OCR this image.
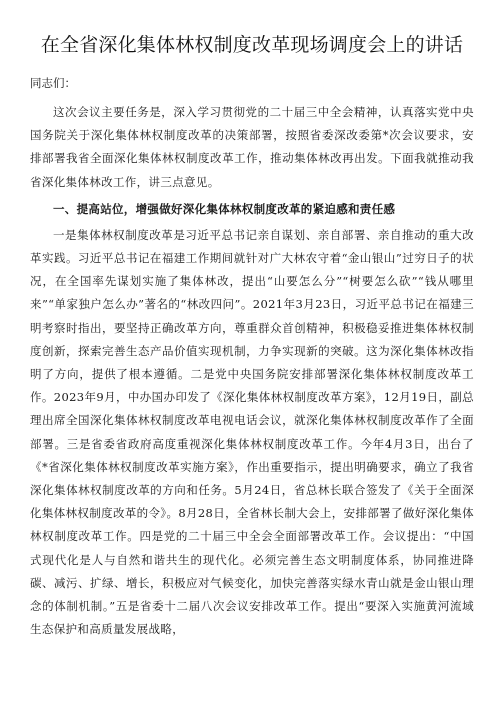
在全省深化集体林权制度改革现场调度会上的讲话

同志们：

这次会议主要任务是，深入学习贯彻党的二十届三中全会精神，认真落实党中央国务院关于深化集体林权制度改革的决策部署，按照省委深改委第*次会议要求，安排部署我省全面深化集体林权制度改革工作，推动集体林改再出发。下面我就推动我省深化集体林改工作，讲三点意见。

一、提高站位，增强做好深化集体林权制度改革的紧迫感和责任感

一是集体林权制度改革是习近平总书记亲自谋划、亲自部署、亲自推动的重大改革实践。习近平总书记在福建工作期间就针对广大林农守着“金山银山”过穷日子的状况，在全国率先谋划实施了集体林改，提出“山要怎么分”“树要怎么砍”“钱从哪里来”“单家独户怎么办”著名的“林改四问”。2021年3月23日，习近平总书记在福建三明考察时指出，要坚持正确改革方向，尊重群众首创精神，积极稳妥推进集体林权制度创新，探索完善生态产品价值实现机制，力争实现新的突破。这为深化集体林改指明了方向，提供了根本遵循。二是党中央国务院安排部署深化集体林权制度改革工作。2023年9月，中办国办印发了《深化集体林权制度改革方案》，12月19日，副总理出席全国深化集体林权制度改革电视电话会议，就深化集体林权制度改革作了全面部署。三是省委省政府高度重视深化集体林权制度改革工作。今年4月3日，出台了《*省深化集体林权制度改革实施方案》，作出重要指示，提出明确要求，确立了我省深化集体林权制度改革的方向和任务。5月24日，省总林长联合签发了《关于全面深化集体林权制度改革的令》。8月28日，全省林长制大会上，安排部署了做好深化集体林权制度改革工作。四是党的二十届三中全会全面部署改革工作。会议提出：“中国式现代化是人与自然和谐共生的现代化。必须完善生态文明制度体系，协同推进降碳、减污、扩绿、增长，积极应对气候变化，加快完善落实绿水青山就是金山银山理念的体制机制。”五是省委十二届八次会议安排改革工作。提出“要深入实施黄河流域生态保护和高质量发展战略，
